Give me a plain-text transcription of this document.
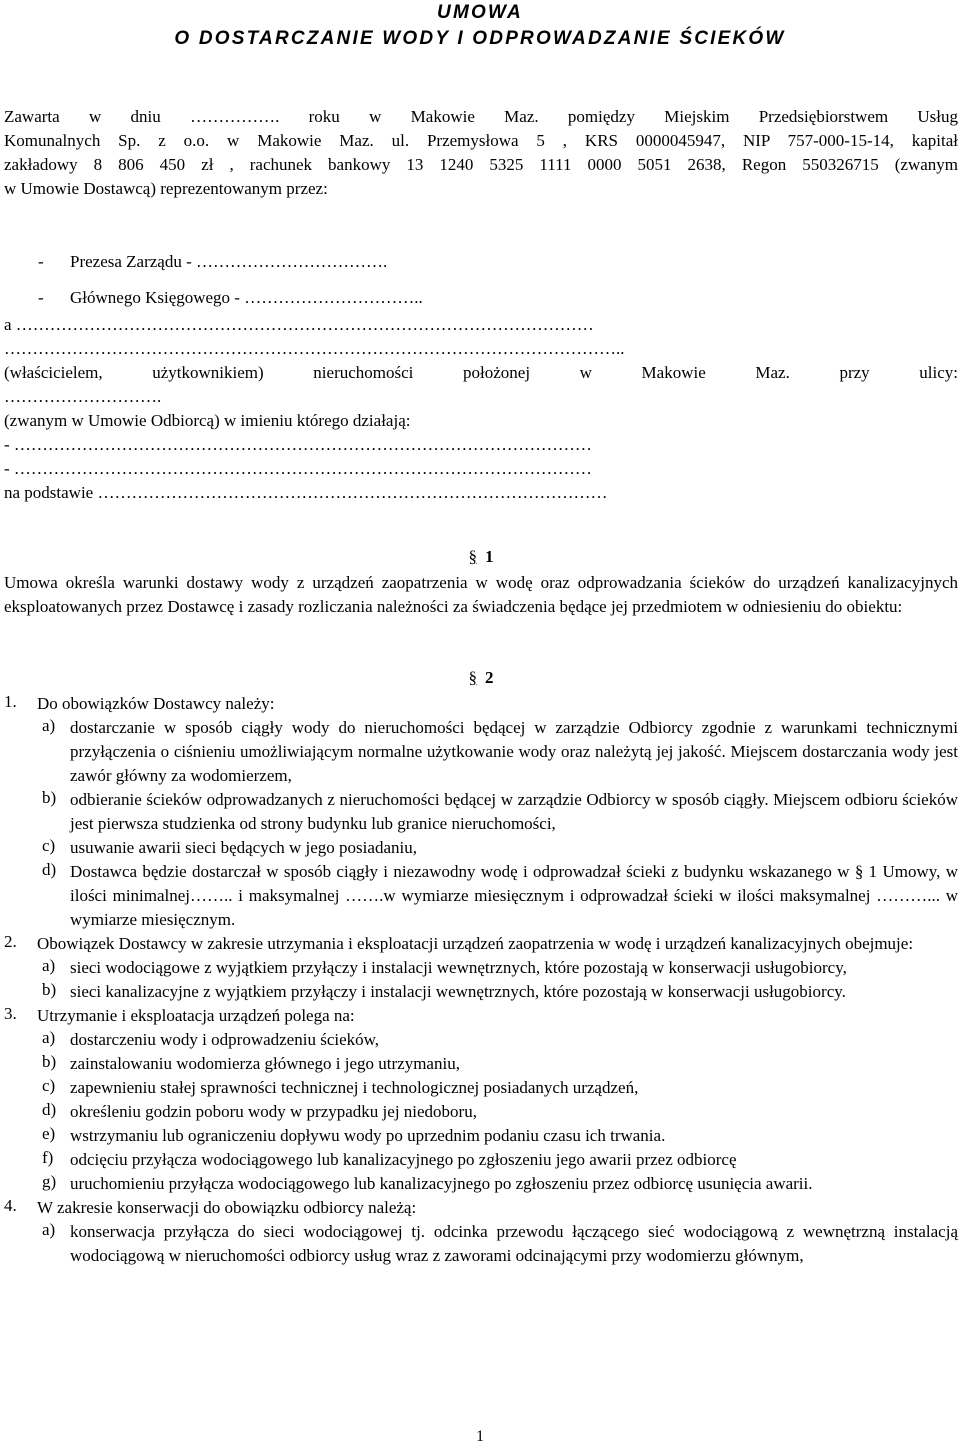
UMOWA
O DOSTARCZANIE WODY I ODPROWADZANIE ŚCIEKÓW

Zawarta w dniu ……………. roku w Makowie Maz. pomiędzy Miejskim Przedsiębiorstwem Usług

Komunalnych Sp. z o.o. w Makowie Maz. ul. Przemysłowa 5 , KRS 0000045947, NIP 757-000-15-14, kapitał

zakładowy 8 806 450 zł , rachunek bankowy 13 1240 5325 1111 0000 5051 2638, Regon 550326715 (zwanym

w Umowie Dostawcą) reprezentowanym przez:

- Prezesa Zarządu - …………………………….

- Głównego Księgowego - …………………………..

a …………………………………………………………………………………………

………………………………………………………………………………………………..

(właścicielem, użytkownikiem) nieruchomości położonej w Makowie Maz. przy ulicy:

……………………….

(zwanym w Umowie Odbiorcą) w imieniu którego działają:

- …………………………………………………………………………………………

- …………………………………………………………………………………………

na podstawie ………………………………………………………………………………

§ 1

Umowa określa warunki dostawy wody z urządzeń zaopatrzenia w wodę oraz odprowadzania ścieków do urządzeń kanalizacyjnych eksploatowanych przez Dostawcę i zasady rozliczania należności za świadczenia będące jej przedmiotem w odniesieniu do obiektu:

§ 2

1. Do obowiązków Dostawcy należy:

a) dostarczanie w sposób ciągły wody do nieruchomości będącej w zarządzie Odbiorcy zgodnie z warunkami technicznymi przyłączenia o ciśnieniu umożliwiającym normalne użytkowanie wody oraz należytą jej jakość. Miejscem dostarczania wody jest zawór główny za wodomierzem,

b) odbieranie ścieków odprowadzanych z nieruchomości będącej w zarządzie Odbiorcy w sposób ciągły. Miejscem odbioru ścieków jest pierwsza studzienka od strony budynku lub granice nieruchomości,

c) usuwanie awarii sieci będących w jego posiadaniu,

d) Dostawca będzie dostarczał w sposób ciągły i niezawodny wodę i odprowadzał ścieki z budynku wskazanego w § 1 Umowy, w ilości minimalnej…….. i maksymalnej …….w wymiarze miesięcznym i odprowadzał ścieki w ilości maksymalnej ………... w wymiarze miesięcznym.

2. Obowiązek Dostawcy w zakresie utrzymania i eksploatacji urządzeń zaopatrzenia w wodę i urządzeń kanalizacyjnych obejmuje:

a) sieci wodociągowe z wyjątkiem przyłączy i instalacji wewnętrznych, które pozostają w konserwacji usługobiorcy,

b) sieci kanalizacyjne z wyjątkiem przyłączy i instalacji wewnętrznych, które pozostają w konserwacji usługobiorcy.

3. Utrzymanie i eksploatacja urządzeń polega na:

a) dostarczeniu wody i odprowadzeniu ścieków,

b) zainstalowaniu wodomierza głównego i jego utrzymaniu,

c) zapewnieniu stałej sprawności technicznej i technologicznej posiadanych urządzeń,

d) określeniu godzin poboru wody w przypadku jej niedoboru,

e) wstrzymaniu lub ograniczeniu dopływu wody po uprzednim podaniu czasu ich trwania.

f) odcięciu przyłącza wodociągowego lub kanalizacyjnego po zgłoszeniu jego awarii przez odbiorcę

g) uruchomieniu przyłącza wodociągowego lub kanalizacyjnego po zgłoszeniu przez odbiorcę usunięcia awarii.

4. W zakresie konserwacji do obowiązku odbiorcy należą:

a) konserwacja przyłącza do sieci wodociągowej tj. odcinka przewodu łączącego sieć wodociągową z wewnętrzną instalacją wodociągową w nieruchomości odbiorcy usług wraz z zaworami odcinającymi przy wodomierzu głównym,

1
